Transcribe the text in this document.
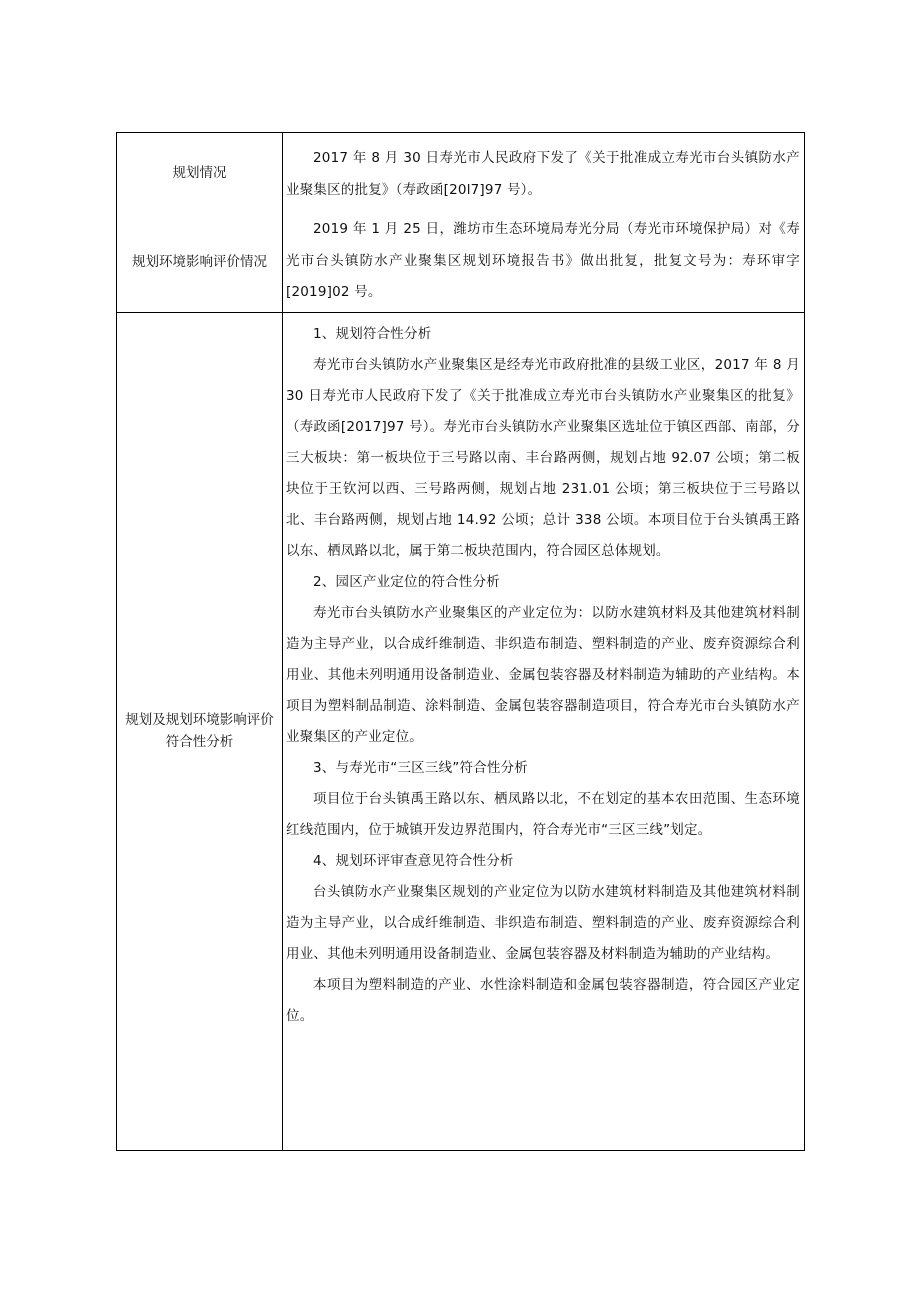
规划情况
规划环境影响评价情况

2017 年 8 月 30 日寿光市人民政府下发了《关于批准成立寿光市台头镇防水产业聚集区的批复》（寿政函[20l7]97 号）。

2019 年 1 月 25 日，潍坊市生态环境局寿光分局（寿光市环境保护局）对《寿光市台头镇防水产业聚集区规划环境报告书》做出批复，批复文号为：寿环审字[2019]02 号。

规划及规划环境影响评价
符合性分析

1、规划符合性分析

寿光市台头镇防水产业聚集区是经寿光市政府批准的县级工业区，2017 年 8 月 30 日寿光市人民政府下发了《关于批准成立寿光市台头镇防水产业聚集区的批复》（寿政函[2017]97 号）。寿光市台头镇防水产业聚集区选址位于镇区西部、南部，分三大板块：第一板块位于三号路以南、丰台路两侧，规划占地 92.07 公顷；第二板块位于王钦河以西、三号路两侧，规划占地 231.01 公顷；第三板块位于三号路以北、丰台路两侧，规划占地 14.92 公顷；总计 338 公顷。本项目位于台头镇禹王路以东、栖凤路以北，属于第二板块范围内，符合园区总体规划。

2、园区产业定位的符合性分析

寿光市台头镇防水产业聚集区的产业定位为：以防水建筑材料及其他建筑材料制造为主导产业，以合成纤维制造、非织造布制造、塑料制造的产业、废弃资源综合利用业、其他未列明通用设备制造业、金属包装容器及材料制造为辅助的产业结构。本项目为塑料制品制造、涂料制造、金属包装容器制造项目，符合寿光市台头镇防水产业聚集区的产业定位。

3、与寿光市“三区三线”符合性分析

项目位于台头镇禹王路以东、栖凤路以北，不在划定的基本农田范围、生态环境红线范围内，位于城镇开发边界范围内，符合寿光市“三区三线”划定。

4、规划环评审查意见符合性分析

台头镇防水产业聚集区规划的产业定位为以防水建筑材料制造及其他建筑材料制造为主导产业，以合成纤维制造、非织造布制造、塑料制造的产业、废弃资源综合利用业、其他未列明通用设备制造业、金属包装容器及材料制造为辅助的产业结构。

本项目为塑料制造的产业、水性涂料制造和金属包装容器制造，符合园区产业定位。
